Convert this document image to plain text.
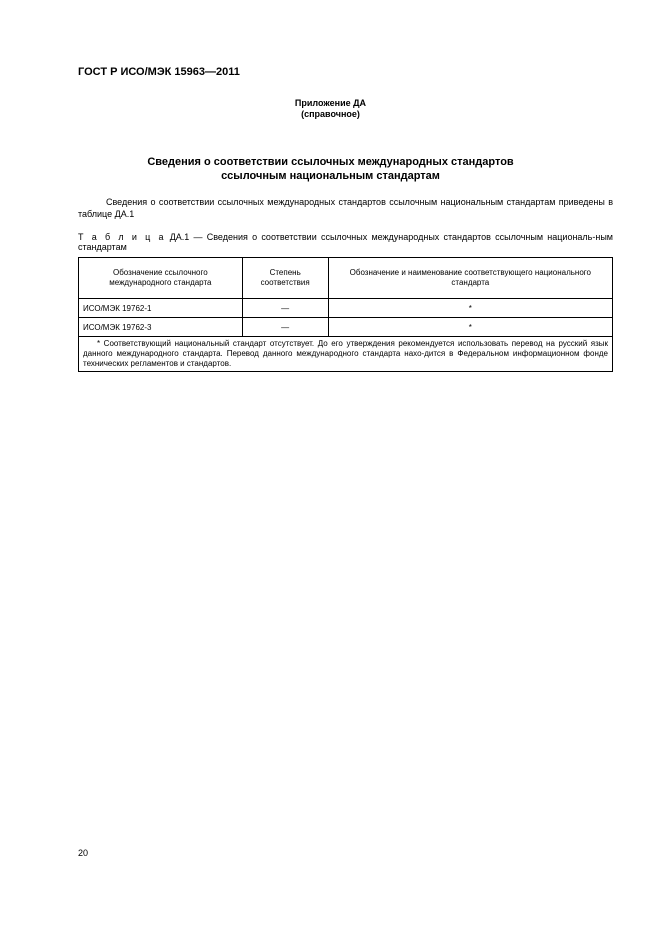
ГОСТ Р ИСО/МЭК 15963—2011
Приложение ДА
(справочное)
Сведения о соответствии ссылочных международных стандартов
ссылочным национальным стандартам
Сведения о соответствии ссылочных международных стандартов ссылочным национальным стандартам приведены в таблице ДА.1
Т а б л и ц а ДА.1 — Сведения о соответствии ссылочных международных стандартов ссылочным националь-ным стандартам
Обозначение ссылочного международного стандарта	Степень соответствия	Обозначение и наименование соответствующего национального стандарта
ИСО/МЭК 19762-1	—	*
ИСО/МЭК 19762-3	—	*
* Соответствующий национальный стандарт отсутствует. До его утверждения рекомендуется использовать перевод на русский язык данного международного стандарта. Перевод данного международного стандарта нахо-дится в Федеральном информационном фонде технических регламентов и стандартов.		
20
